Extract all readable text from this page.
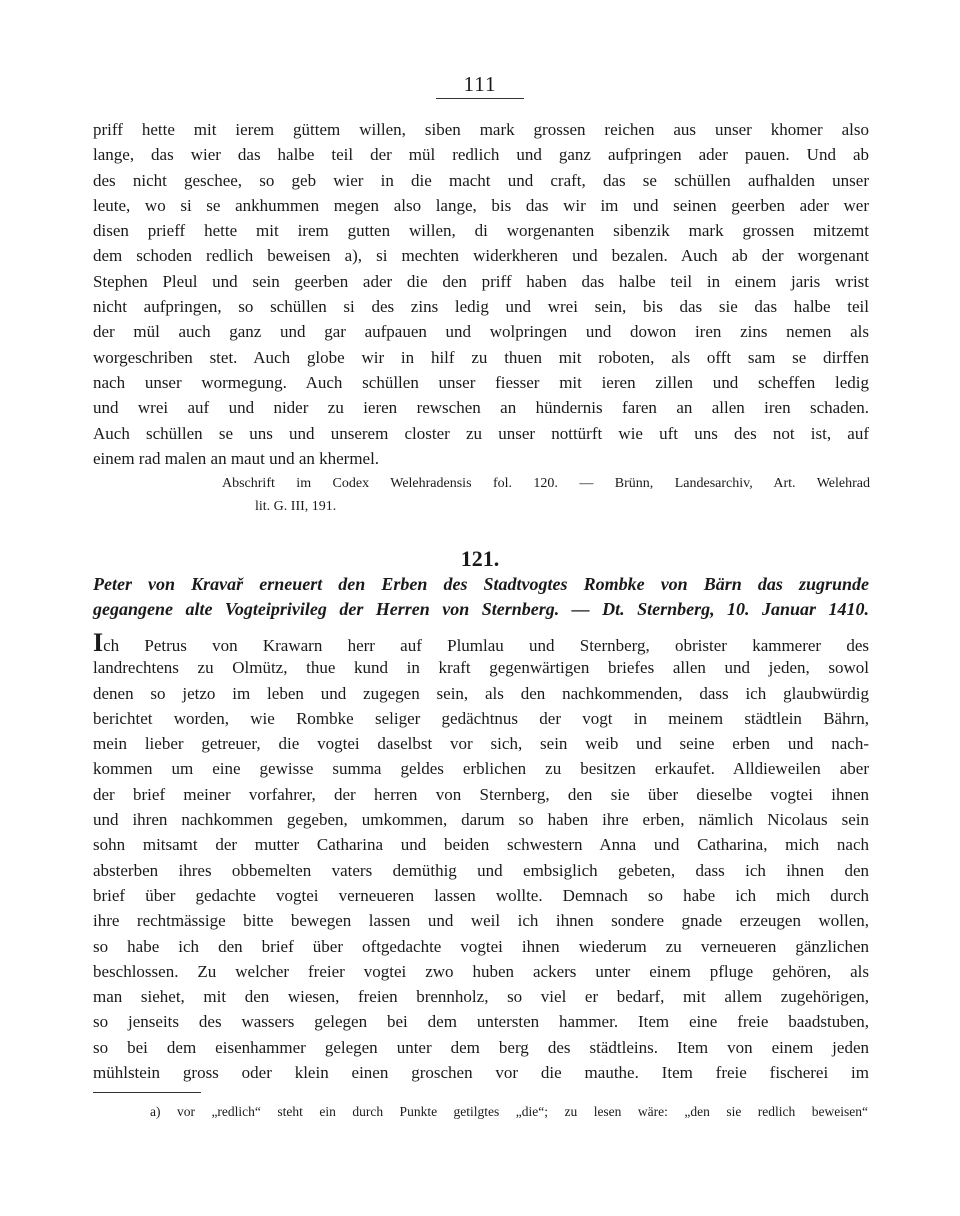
111
priff hette mit ierem güttem willen, siben mark grossen reichen aus unser khomer also
lange, das wier das halbe teil der mül redlich und ganz aufpringen ader pauen. Und ab
des nicht geschee, so geb wier in die macht und craft, das se schüllen aufhalden unser
leute, wo si se ankhummen megen also lange, bis das wir im und seinen geerben ader wer
disen prieff hette mit irem gutten willen, di worgenanten sibenzik mark grossen mitzemt
dem schoden redlich beweisen a), si mechten widerkheren und bezalen. Auch ab der worgenant
Stephen Pleul und sein geerben ader die den priff haben das halbe teil in einem jaris wrist
nicht aufpringen, so schüllen si des zins ledig und wrei sein, bis das sie das halbe teil
der mül auch ganz und gar aufpauen und wolpringen und dowon iren zins nemen als
worgeschriben stet. Auch globe wir in hilf zu thuen mit roboten, als offt sam se dirffen
nach unser wormegung. Auch schüllen unser fiesser mit ieren zillen und scheffen ledig
und wrei auf und nider zu ieren rewschen an hündernis faren an allen iren schaden.
Auch schüllen se uns und unserem closter zu unser nottürft wie uft uns des not ist, auf
einem rad malen an maut und an khermel.
Abschrift im Codex Welehradensis fol. 120. — Brünn, Landesarchiv, Art. Welehrad
lit. G. III, 191.
121.
Peter von Kravař erneuert den Erben des Stadtvogtes Rombke von Bärn das zugrunde
gegangene alte Vogteiprivileg der Herren von Sternberg. — Dt. Sternberg, 10. Januar 1410.
Ich Petrus von Krawarn herr auf Plumlau und Sternberg, obrister kammerer des
landrechtens zu Olmütz, thue kund in kraft gegenwärtigen briefes allen und jeden, sowol
denen so jetzo im leben und zugegen sein, als den nachkommenden, dass ich glaubwürdig
berichtet worden, wie Rombke seliger gedächtnus der vogt in meinem städtlein Bährn,
mein lieber getreuer, die vogtei daselbst vor sich, sein weib und seine erben und nach-
kommen um eine gewisse summa geldes erblichen zu besitzen erkaufet. Alldieweilen aber
der brief meiner vorfahrer, der herren von Sternberg, den sie über dieselbe vogtei ihnen
und ihren nachkommen gegeben, umkommen, darum so haben ihre erben, nämlich Nicolaus sein
sohn mitsamt der mutter Catharina und beiden schwestern Anna und Catharina, mich nach
absterben ihres obbemelten vaters demüthig und embsiglich gebeten, dass ich ihnen den
brief über gedachte vogtei verneueren lassen wollte. Demnach so habe ich mich durch
ihre rechtmässige bitte bewegen lassen und weil ich ihnen sondere gnade erzeugen wollen,
so habe ich den brief über oftgedachte vogtei ihnen wiederum zu verneueren gänzlichen
beschlossen. Zu welcher freier vogtei zwo huben ackers unter einem pfluge gehören, als
man siehet, mit den wiesen, freien brennholz, so viel er bedarf, mit allem zugehörigen,
so jenseits des wassers gelegen bei dem untersten hammer. Item eine freie baadstuben,
so bei dem eisenhammer gelegen unter dem berg des städtleins. Item von einem jeden
mühlstein gross oder klein einen groschen vor die mauthe. Item freie fischerei im
a) vor „redlich“ steht ein durch Punkte getilgtes „die“; zu lesen wäre: „den sie redlich beweisen“
